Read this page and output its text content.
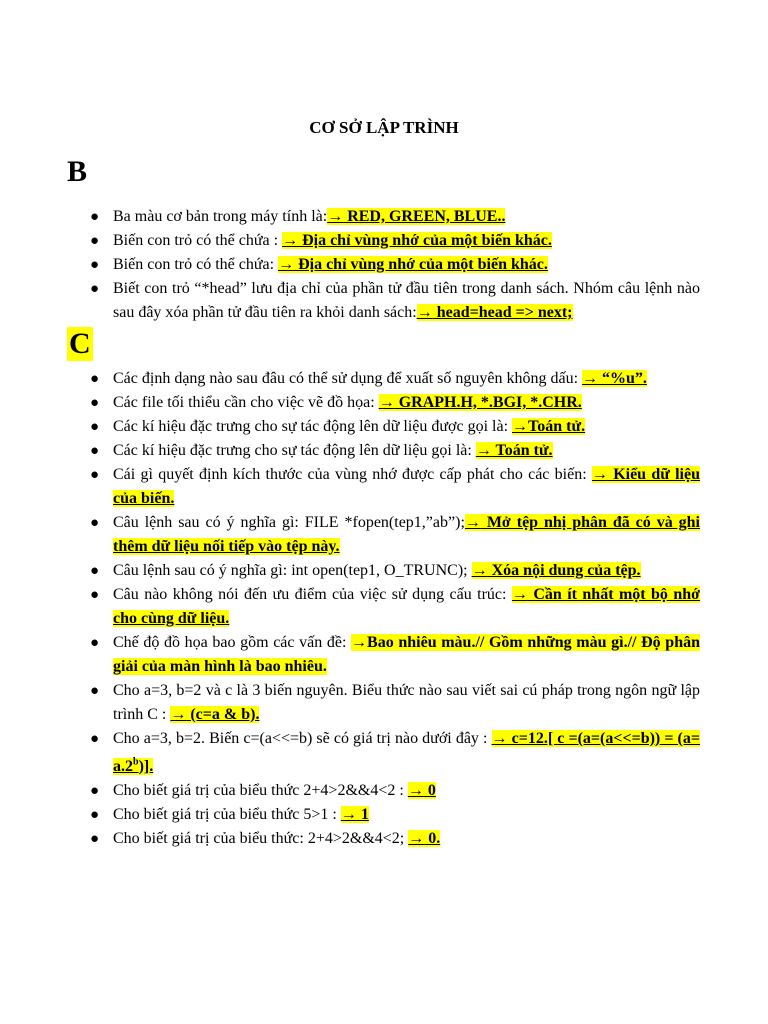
CƠ SỞ LẬP TRÌNH
B
● Ba màu cơ bản trong máy tính là:→ RED, GREEN, BLUE..
● Biến con trỏ có thể chứa : → Địa chỉ vùng nhớ của một biến khác.
● Biến con trỏ có thể chứa: → Địa chỉ vùng nhớ của một biến khác.
● Biết con trỏ “*head” lưu địa chỉ của phần tử đầu tiên trong danh sách. Nhóm câu lệnh nào sau đây xóa phần tử đầu tiên ra khỏi danh sách:→ head=head => next;
C
● Các định dạng nào sau đâu có thể sử dụng để xuất số nguyên không dấu: → “%u”.
● Các file tối thiểu cần cho việc vẽ đồ họa: → GRAPH.H, *.BGI, *.CHR.
● Các kí hiệu đặc trưng cho sự tác động lên dữ liệu được gọi là: →Toán tử.
● Các kí hiệu đặc trưng cho sự tác động lên dữ liệu gọi là: → Toán tử.
● Cái gì quyết định kích thước của vùng nhớ được cấp phát cho các biến: → Kiểu dữ liệu của biến.
● Câu lệnh sau có ý nghĩa gì: FILE *fopen(tep1,”ab”);→ Mở tệp nhị phân đã có và ghi thêm dữ liệu nối tiếp vào tệp này.
● Câu lệnh sau có ý nghĩa gì: int open(tep1, O_TRUNC); → Xóa nội dung của tệp.
● Câu nào không nói đến ưu điểm của việc sử dụng cấu trúc: → Cần ít nhất một bộ nhớ cho cùng dữ liệu.
● Chế độ đồ họa bao gồm các vấn đề: →Bao nhiêu màu.// Gồm những màu gì.// Độ phân giải của màn hình là bao nhiêu.
● Cho a=3, b=2 và c là 3 biến nguyên. Biểu thức nào sau viết sai cú pháp trong ngôn ngữ lập trình C : → (c=a & b).
● Cho a=3, b=2. Biến c=(a<<=b) sẽ có giá trị nào dưới đây : → c=12.[ c =(a=(a<<=b)) = (a= a.2$^b$)].
● Cho biết giá trị của biểu thức 2+4>2&&4<2 : → 0
● Cho biết giá trị của biểu thức 5>1 : → 1
● Cho biết giá trị của biểu thức: 2+4>2&&4<2; → 0.
